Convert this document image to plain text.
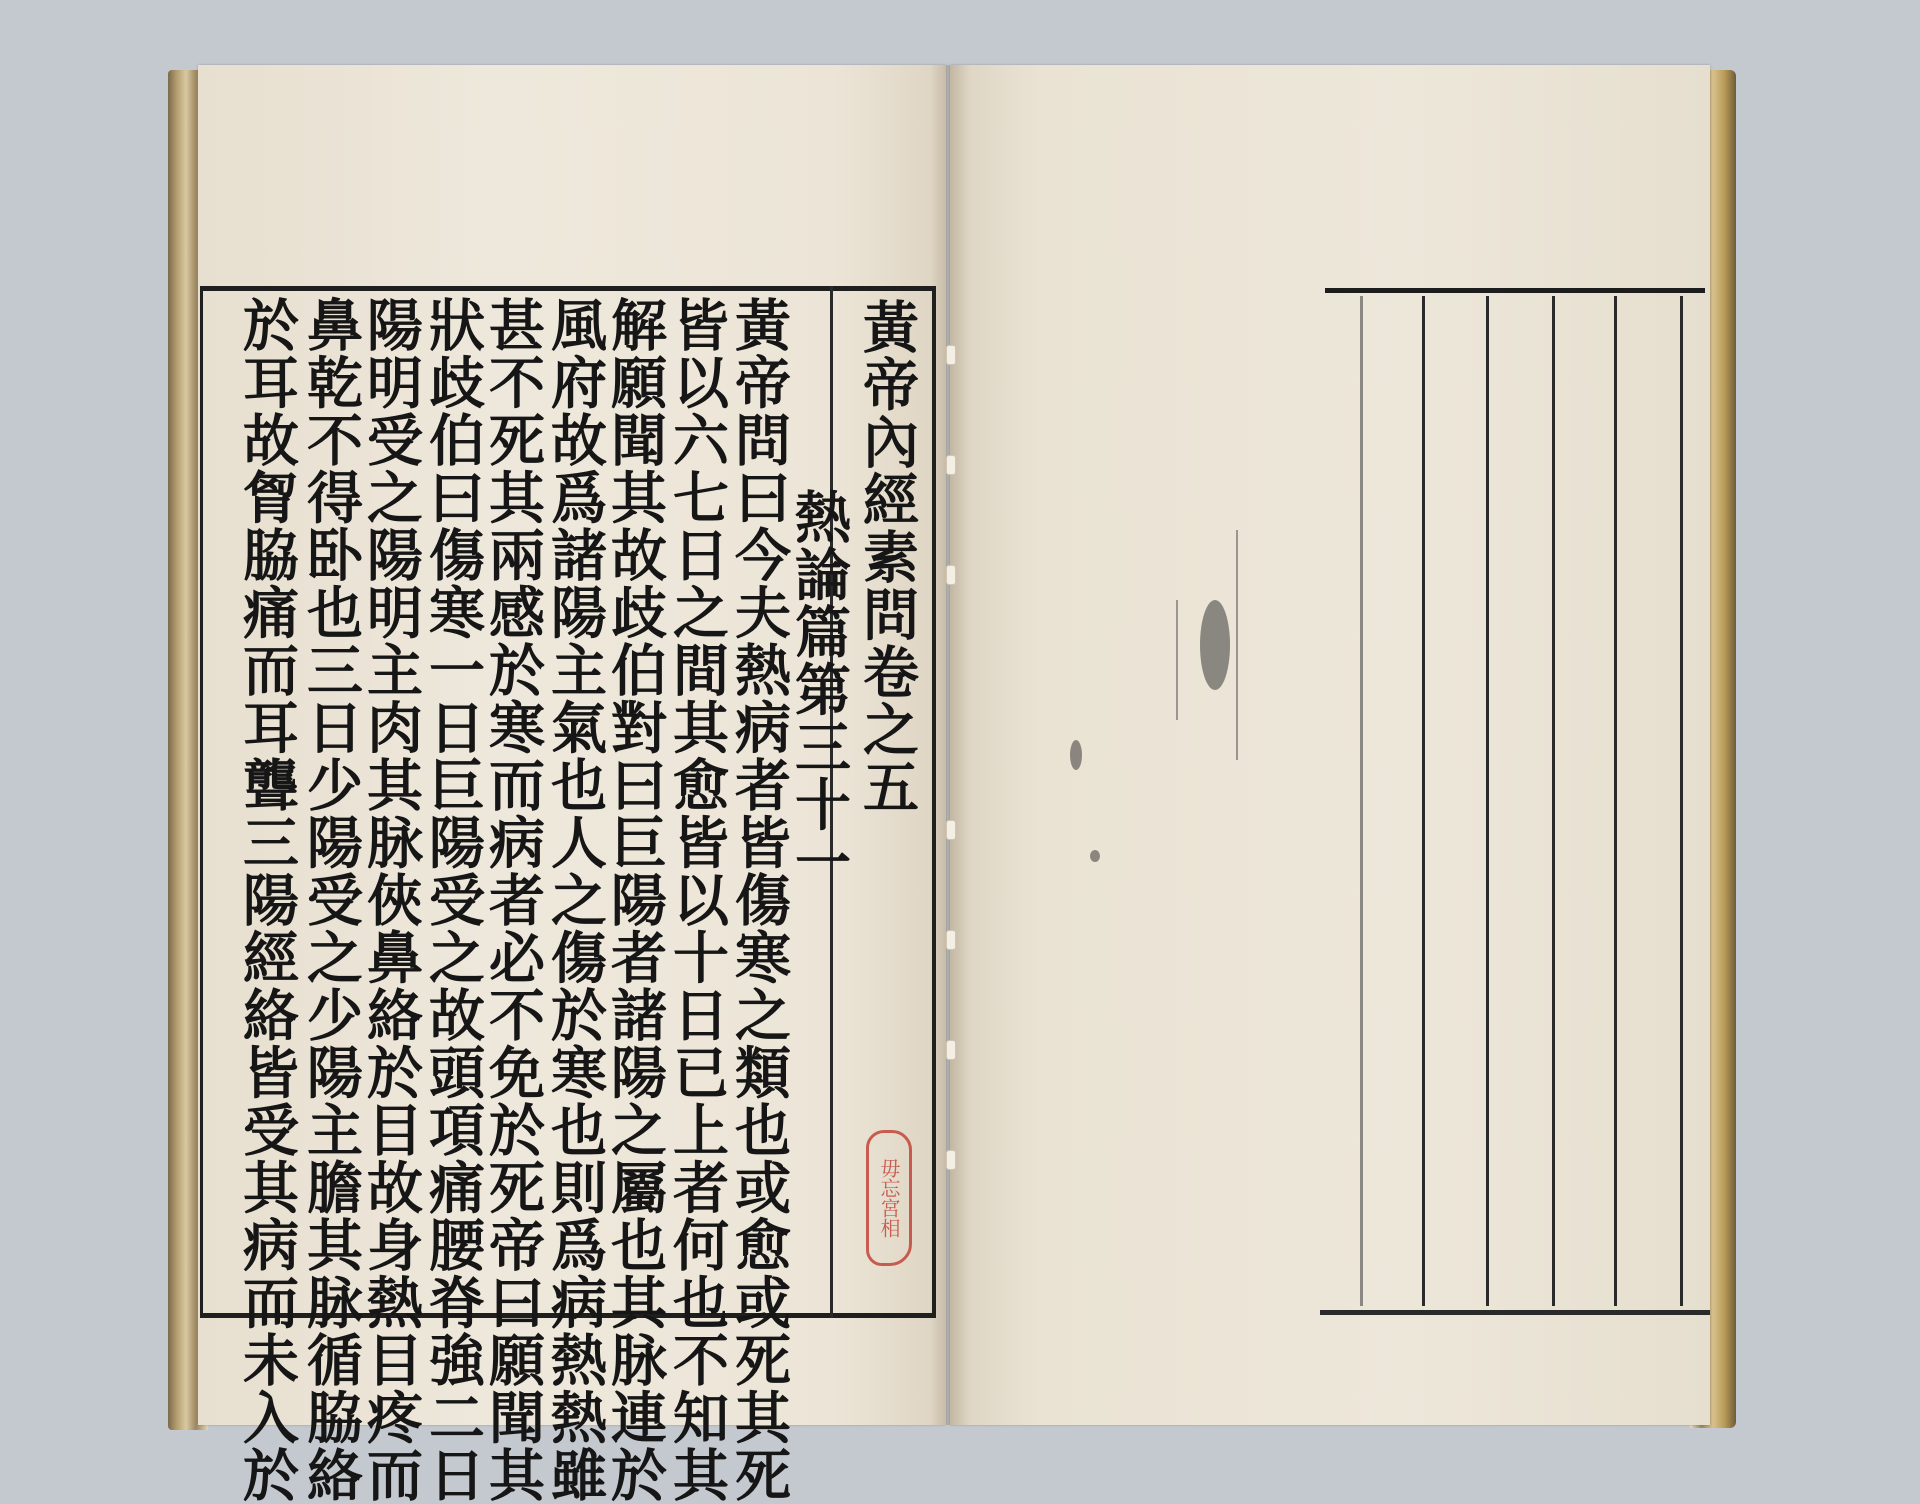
黃帝內經素問卷之五
熱論篇第三十一
黃帝問曰今夫熱病者皆傷寒之類也或愈或死其死
皆以六七日之間其愈皆以十日已上者何也不知其
解願聞其故歧伯對曰巨陽者諸陽之屬也其脉連於
風府故爲諸陽主氣也人之傷於寒也則爲病熱熱雖
甚不死其兩感於寒而病者必不免於死帝曰願聞其
狀歧伯曰傷寒一日巨陽受之故頭項痛腰脊強二日
陽明受之陽明主肉其脉俠鼻絡於目故身熱目疼而
鼻乾不得卧也三日少陽受之少陽主膽其脉循脇絡
於耳故胷脇痛而耳聾三陽經絡皆受其病而未入於	毋忘宮相
